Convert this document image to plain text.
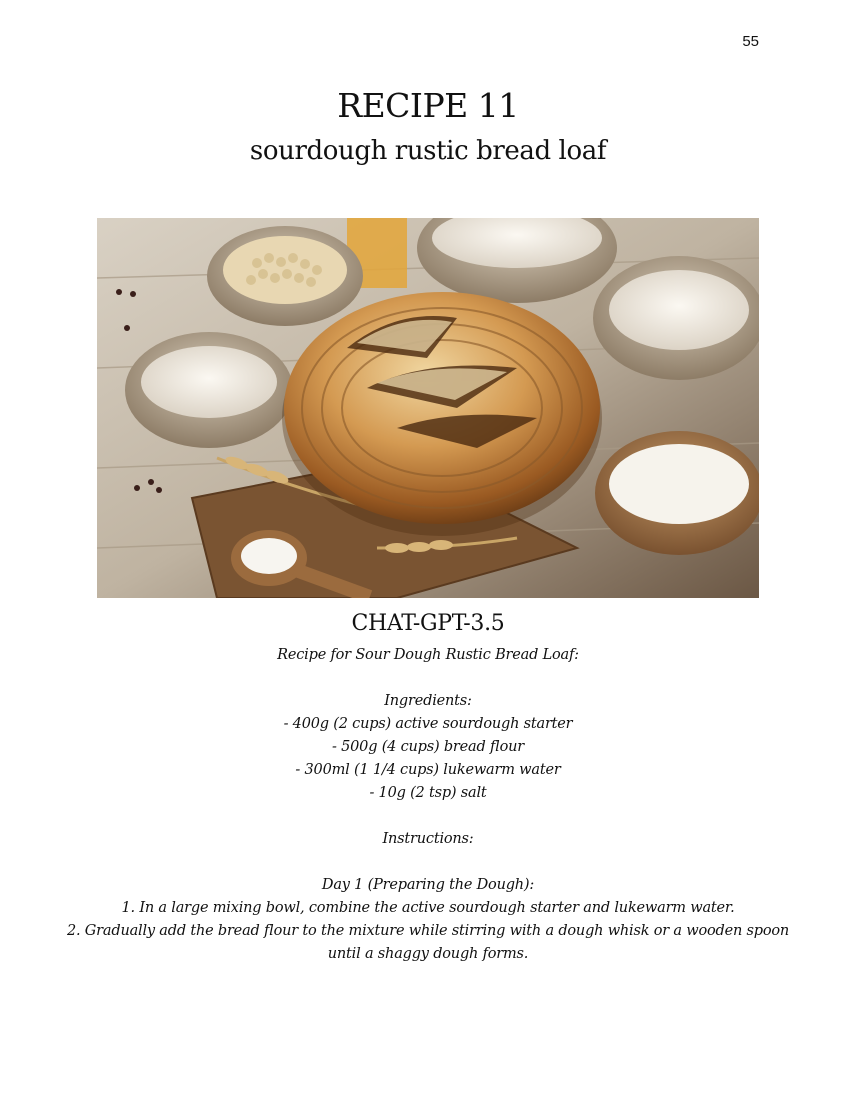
55
RECIPE 11
sourdough rustic bread loaf
CHAT-GPT-3.5
Recipe for Sour Dough Rustic Bread Loaf:
Ingredients:
- 400g (2 cups) active sourdough starter
- 500g (4 cups) bread flour
- 300ml (1 1/4 cups) lukewarm water
- 10g (2 tsp) salt
Instructions:
Day 1 (Preparing the Dough):
1. In a large mixing bowl, combine the active sourdough starter and lukewarm water.
2. Gradually add the bread flour to the mixture while stirring with a dough whisk or a wooden spoon until a shaggy dough forms.
